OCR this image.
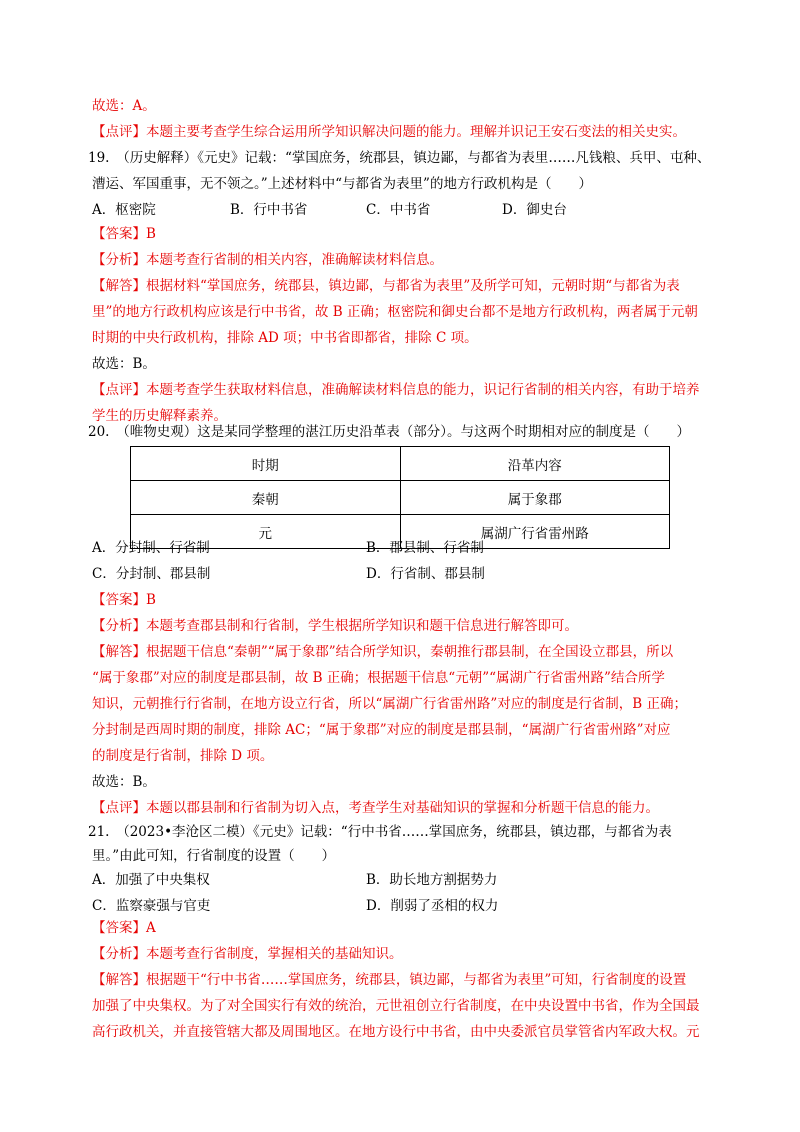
故选：A。

【点评】本题主要考查学生综合运用所学知识解决问题的能力。理解并识记王安石变法的相关史实。

19.　（历史解释）《元史》记载：“掌国庶务，统郡县，镇边鄙，与都省为表里……凡钱粮、兵甲、屯种、

漕运、军国重事，无不领之。”上述材料中“与都省为表里”的地方行政机构是（　　）

A．枢密院	B．行中书省	C．中书省	D．御史台

【答案】B

【分析】本题考查行省制的相关内容，准确解读材料信息。

【解答】根据材料“掌国庶务，统郡县，镇边鄙，与都省为表里”及所学可知，元朝时期“与都省为表

里”的地方行政机构应该是行中书省，故 B 正确；枢密院和御史台都不是地方行政机构，两者属于元朝

时期的中央行政机构，排除 AD 项；中书省即都省，排除 C 项。

故选：B。

【点评】本题考查学生获取材料信息，准确解读材料信息的能力，识记行省制的相关内容，有助于培养

学生的历史解释素养。

20.　（唯物史观）这是某同学整理的湛江历史沿革表（部分）。与这两个时期相对应的制度是（　　）

时期	沿革内容
秦朝	属于象郡
元	属湖广行省雷州路
A．分封制、行省制	B．郡县制、行省制
C．分封制、郡县制	D．行省制、郡县制

【答案】B

【分析】本题考查郡县制和行省制，学生根据所学知识和题干信息进行解答即可。

【解答】根据题干信息“秦朝”“属于象郡”结合所学知识，秦朝推行郡县制，在全国设立郡县，所以

“属于象郡”对应的制度是郡县制，故 B 正确；根据题干信息“元朝”“属湖广行省雷州路”结合所学

知识，元朝推行行省制，在地方设立行省，所以“属湖广行省雷州路”对应的制度是行省制，B 正确；

分封制是西周时期的制度，排除 AC；“属于象郡”对应的制度是郡县制，“属湖广行省雷州路”对应

的制度是行省制，排除 D 项。

故选：B。

【点评】本题以郡县制和行省制为切入点，考查学生对基础知识的掌握和分析题干信息的能力。

21.　（2023•李沧区二模）《元史》记载：“行中书省……掌国庶务，统郡县，镇边郡，与都省为表

里。”由此可知，行省制度的设置（　　）

A．加强了中央集权	B．助长地方割据势力
C．监察豪强与官吏	D．削弱了丞相的权力

【答案】A

【分析】本题考查行省制度，掌握相关的基础知识。

【解答】根据题干“行中书省……掌国庶务，统郡县，镇边鄙，与都省为表里”可知，行省制度的设置

加强了中央集权。为了对全国实行有效的统治，元世祖创立行省制度，在中央设置中书省，作为全国最

高行政机关，并直接管辖大都及周围地区。在地方设行中书省，由中央委派官员掌管省内军政大权。元
